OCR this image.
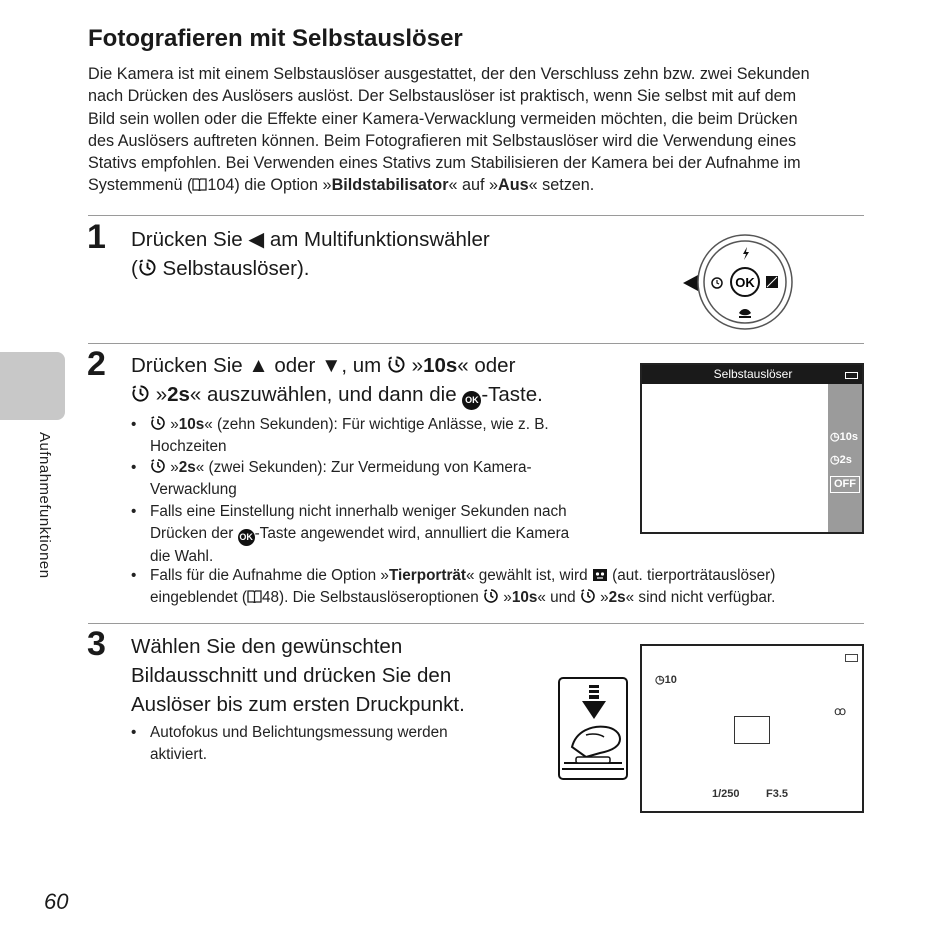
Fotografieren mit Selbstauslöser
Die Kamera ist mit einem Selbstauslöser ausgestattet, der den Verschluss zehn bzw. zwei Sekunden
nach Drücken des Auslösers auslöst. Der Selbstauslöser ist praktisch, wenn Sie selbst mit auf dem
Bild sein wollen oder die Effekte einer Kamera-Verwacklung vermeiden möchten, die beim Drücken
des Auslösers auftreten können. Beim Fotografieren mit Selbstauslöser wird die Verwendung eines
Stativs empfohlen. Bei Verwenden eines Stativs zum Stabilisieren der Kamera bei der Aufnahme im
Systemmenü ( 104) die Option »Bildstabilisator« auf »Aus« setzen.
1 Drücken Sie ◀ am Multifunktionswähler
( Selbstauslöser).
OK
2 Drücken Sie ▲ oder ▼, um  »10s« oder
»2s« auszuwählen, und dann die OK -Taste.
•	»10s« (zehn Sekunden): Für wichtige Anlässe, wie z. B.
Hochzeiten
•	»2s« (zwei Sekunden): Zur Vermeidung von Kamera-
Verwacklung
• Falls eine Einstellung nicht innerhalb weniger Sekunden nach
Drücken der OK -Taste angewendet wird, annulliert die Kamera
die Wahl.
• Falls für die Aufnahme die Option »Tierporträt« gewählt ist, wird  (aut. tierporträtauslöser)
eingeblendet ( 48). Die Selbstauslöseroptionen  »10s« und  »2s« sind nicht verfügbar.
Selbstauslöser
◷10s
◷2s
OFF
3 Wählen Sie den gewünschten
Bildausschnitt und drücken Sie den
Auslöser bis zum ersten Druckpunkt.
• Autofokus und Belichtungsmessung werden
aktiviert.
◷10
ꝏ
1/250 F3.5
Aufnahmefunktionen
60
